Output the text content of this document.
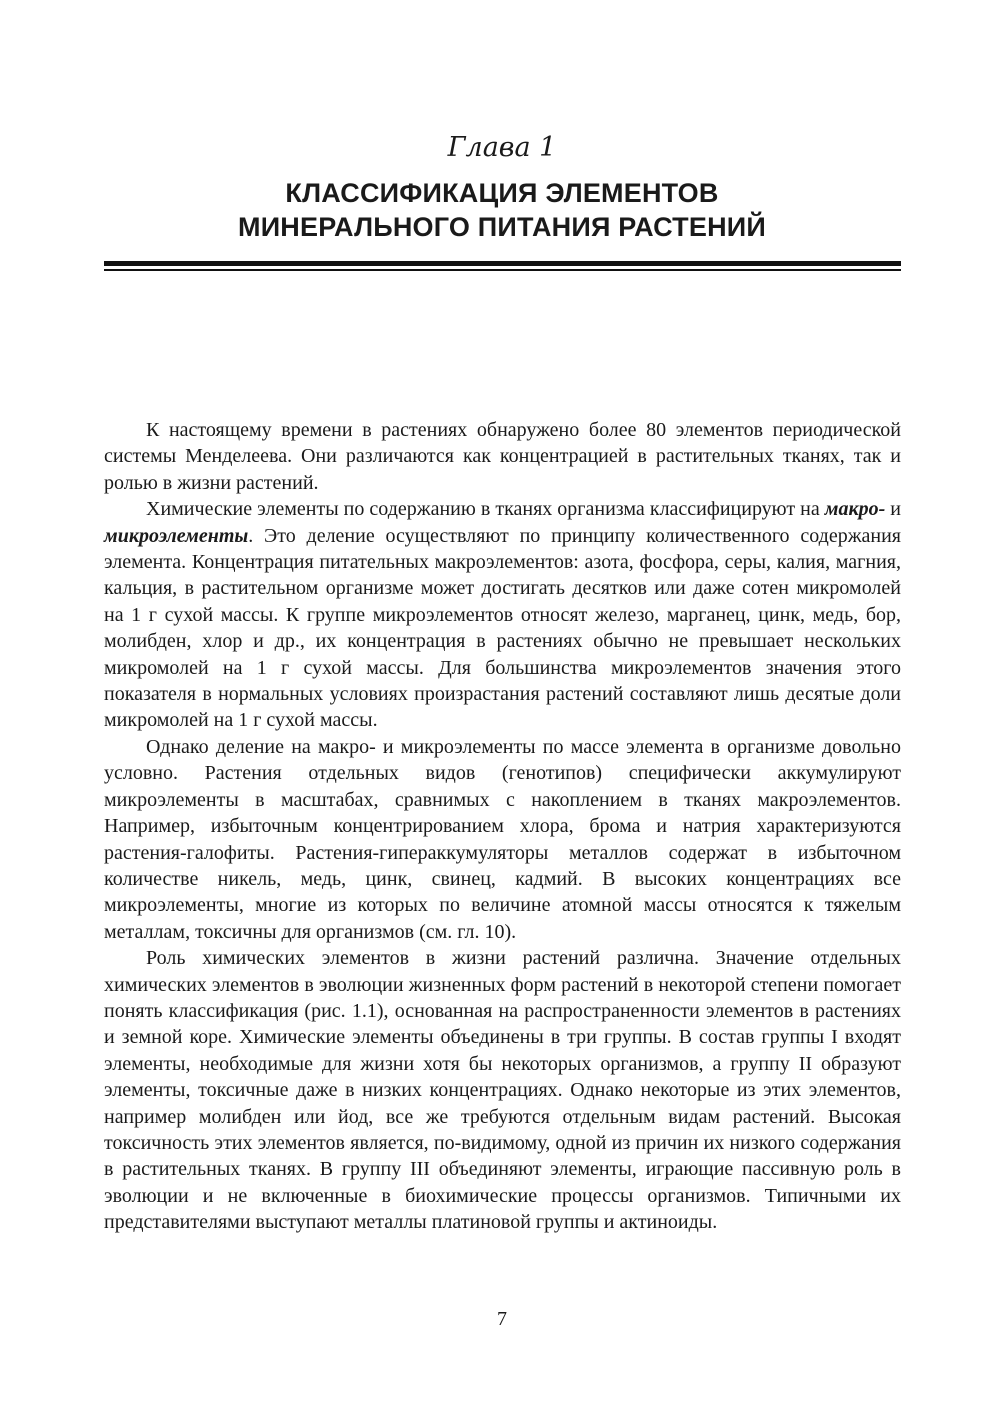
Глава 1
КЛАССИФИКАЦИЯ ЭЛЕМЕНТОВ
МИНЕРАЛЬНОГО ПИТАНИЯ РАСТЕНИЙ

К настоящему времени в растениях обнаружено более 80 элементов периодической системы Менделеева. Они различаются как концентрацией в растительных тканях, так и ролью в жизни растений.

Химические элементы по содержанию в тканях организма классифицируют на макро- и микроэлементы. Это деление осуществляют по принципу количественного содержания элемента. Концентрация питательных макроэлементов: азота, фосфора, серы, калия, магния, кальция, в растительном организме может достигать десятков или даже сотен микромолей на 1 г сухой массы. К группе микроэлементов относят железо, марганец, цинк, медь, бор, молибден, хлор и др., их концентрация в растениях обычно не превышает нескольких микромолей на 1 г сухой массы. Для большинства микроэлементов значения этого показателя в нормальных условиях произрастания растений составляют лишь десятые доли микромолей на 1 г сухой массы.

Однако деление на макро- и микроэлементы по массе элемента в организме довольно условно. Растения отдельных видов (генотипов) специфически аккумулируют микроэлементы в масштабах, сравнимых с накоплением в тканях макроэлементов. Например, избыточным концентрированием хлора, брома и натрия характеризуются растения-галофиты. Растения-гипераккумуляторы металлов содержат в избыточном количестве никель, медь, цинк, свинец, кадмий. В высоких концентрациях все микроэлементы, многие из которых по величине атомной массы относятся к тяжелым металлам, токсичны для организмов (см. гл. 10).

Роль химических элементов в жизни растений различна. Значение отдельных химических элементов в эволюции жизненных форм растений в некоторой степени помогает понять классификация (рис. 1.1), основанная на распространенности элементов в растениях и земной коре. Химические элементы объединены в три группы. В состав группы I входят элементы, необходимые для жизни хотя бы некоторых организмов, а группу II образуют элементы, токсичные даже в низких концентрациях. Однако некоторые из этих элементов, например молибден или йод, все же требуются отдельным видам растений. Высокая токсичность этих элементов является, по-видимому, одной из причин их низкого содержания в растительных тканях. В группу III объединяют элементы, играющие пассивную роль в эволюции и не включенные в биохимические процессы организмов. Типичными их представителями выступают металлы платиновой группы и актиноиды.

7
